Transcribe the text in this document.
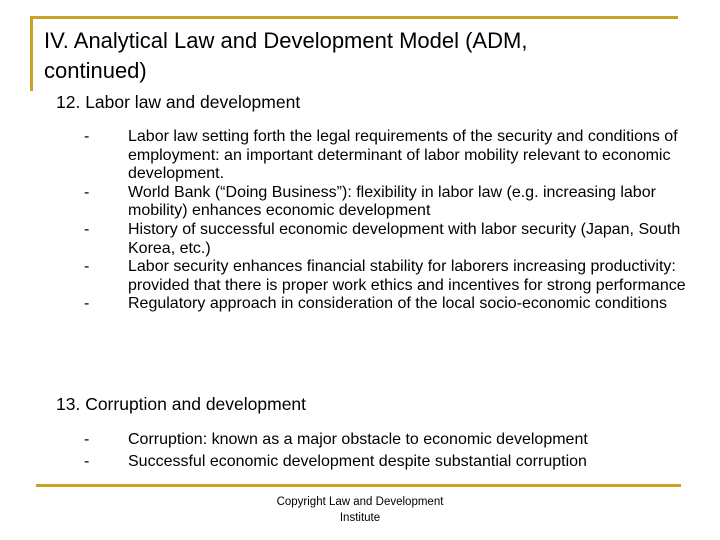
IV. Analytical Law and Development Model (ADM,
continued)
12. Labor law and development
-	Labor law setting forth the legal requirements of the security and conditions of employment: an important determinant of labor mobility relevant to economic development.
-	World Bank (“Doing Business”): flexibility in labor law (e.g. increasing labor mobility) enhances economic development
-	History of successful economic development with labor security (Japan, South Korea, etc.)
-	Labor security enhances financial stability for laborers increasing productivity: provided that there is proper work ethics and incentives for strong performance
-	Regulatory approach in consideration of the local socio-economic conditions
13. Corruption and development
-	Corruption: known as a major obstacle to economic development
-	Successful economic development despite substantial corruption
Copyright Law and Development
Institute
